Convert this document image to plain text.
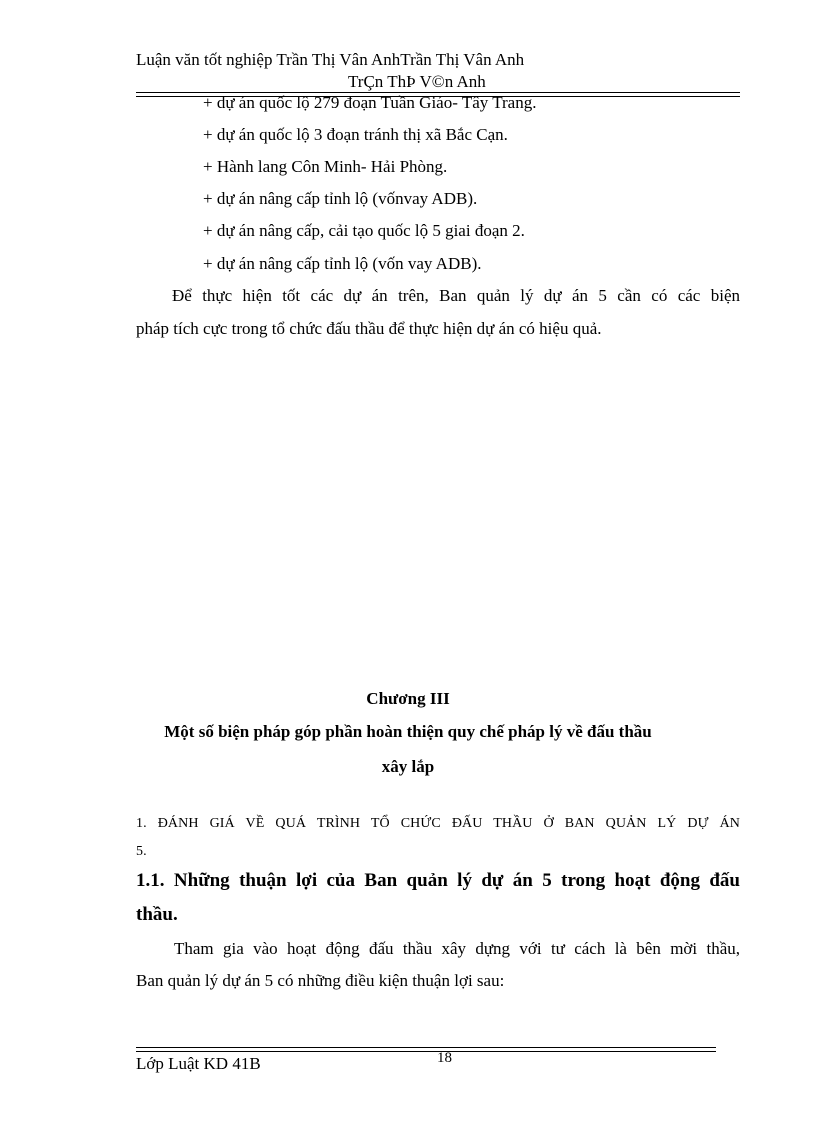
Luận văn tốt nghiệp Trần Thị Vân AnhTrần Thị Vân Anh
TrÇn ThÞ V©n Anh
+ dự án quốc lộ 279 đoạn Tuần Giáo- Tây Trang.
+ dự án quốc lộ 3 đoạn tránh thị xã Bắc Cạn.
+ Hành lang Côn Minh- Hải Phòng.
+ dự án nâng cấp tỉnh lộ (vốnvay ADB).
+ dự án nâng cấp, cải tạo quốc lộ 5 giai đoạn 2.
+ dự án nâng cấp tỉnh lộ (vốn vay ADB).
Để thực hiện tốt các dự án trên, Ban quản lý dự án 5 cần có các biện
pháp tích cực trong tổ chức đấu thầu để thực hiện dự án có hiệu quả.
Chương III
Một số biện pháp góp phần hoàn thiện quy chế pháp lý về đấu thầu
xây lắp
1. ĐÁNH GIÁ VỀ QUÁ TRÌNH TỔ CHỨC ĐẤU THẦU Ở BAN QUẢN LÝ DỰ ÁN
5.
1.1. Những thuận lợi của Ban quản lý dự án 5 trong hoạt động đấu
thầu.
Tham gia vào hoạt động đấu thầu xây dựng với tư cách là bên mời thầu,
Ban quản lý dự án 5 có những điều kiện thuận lợi sau:
18
Lớp Luật KD 41B
